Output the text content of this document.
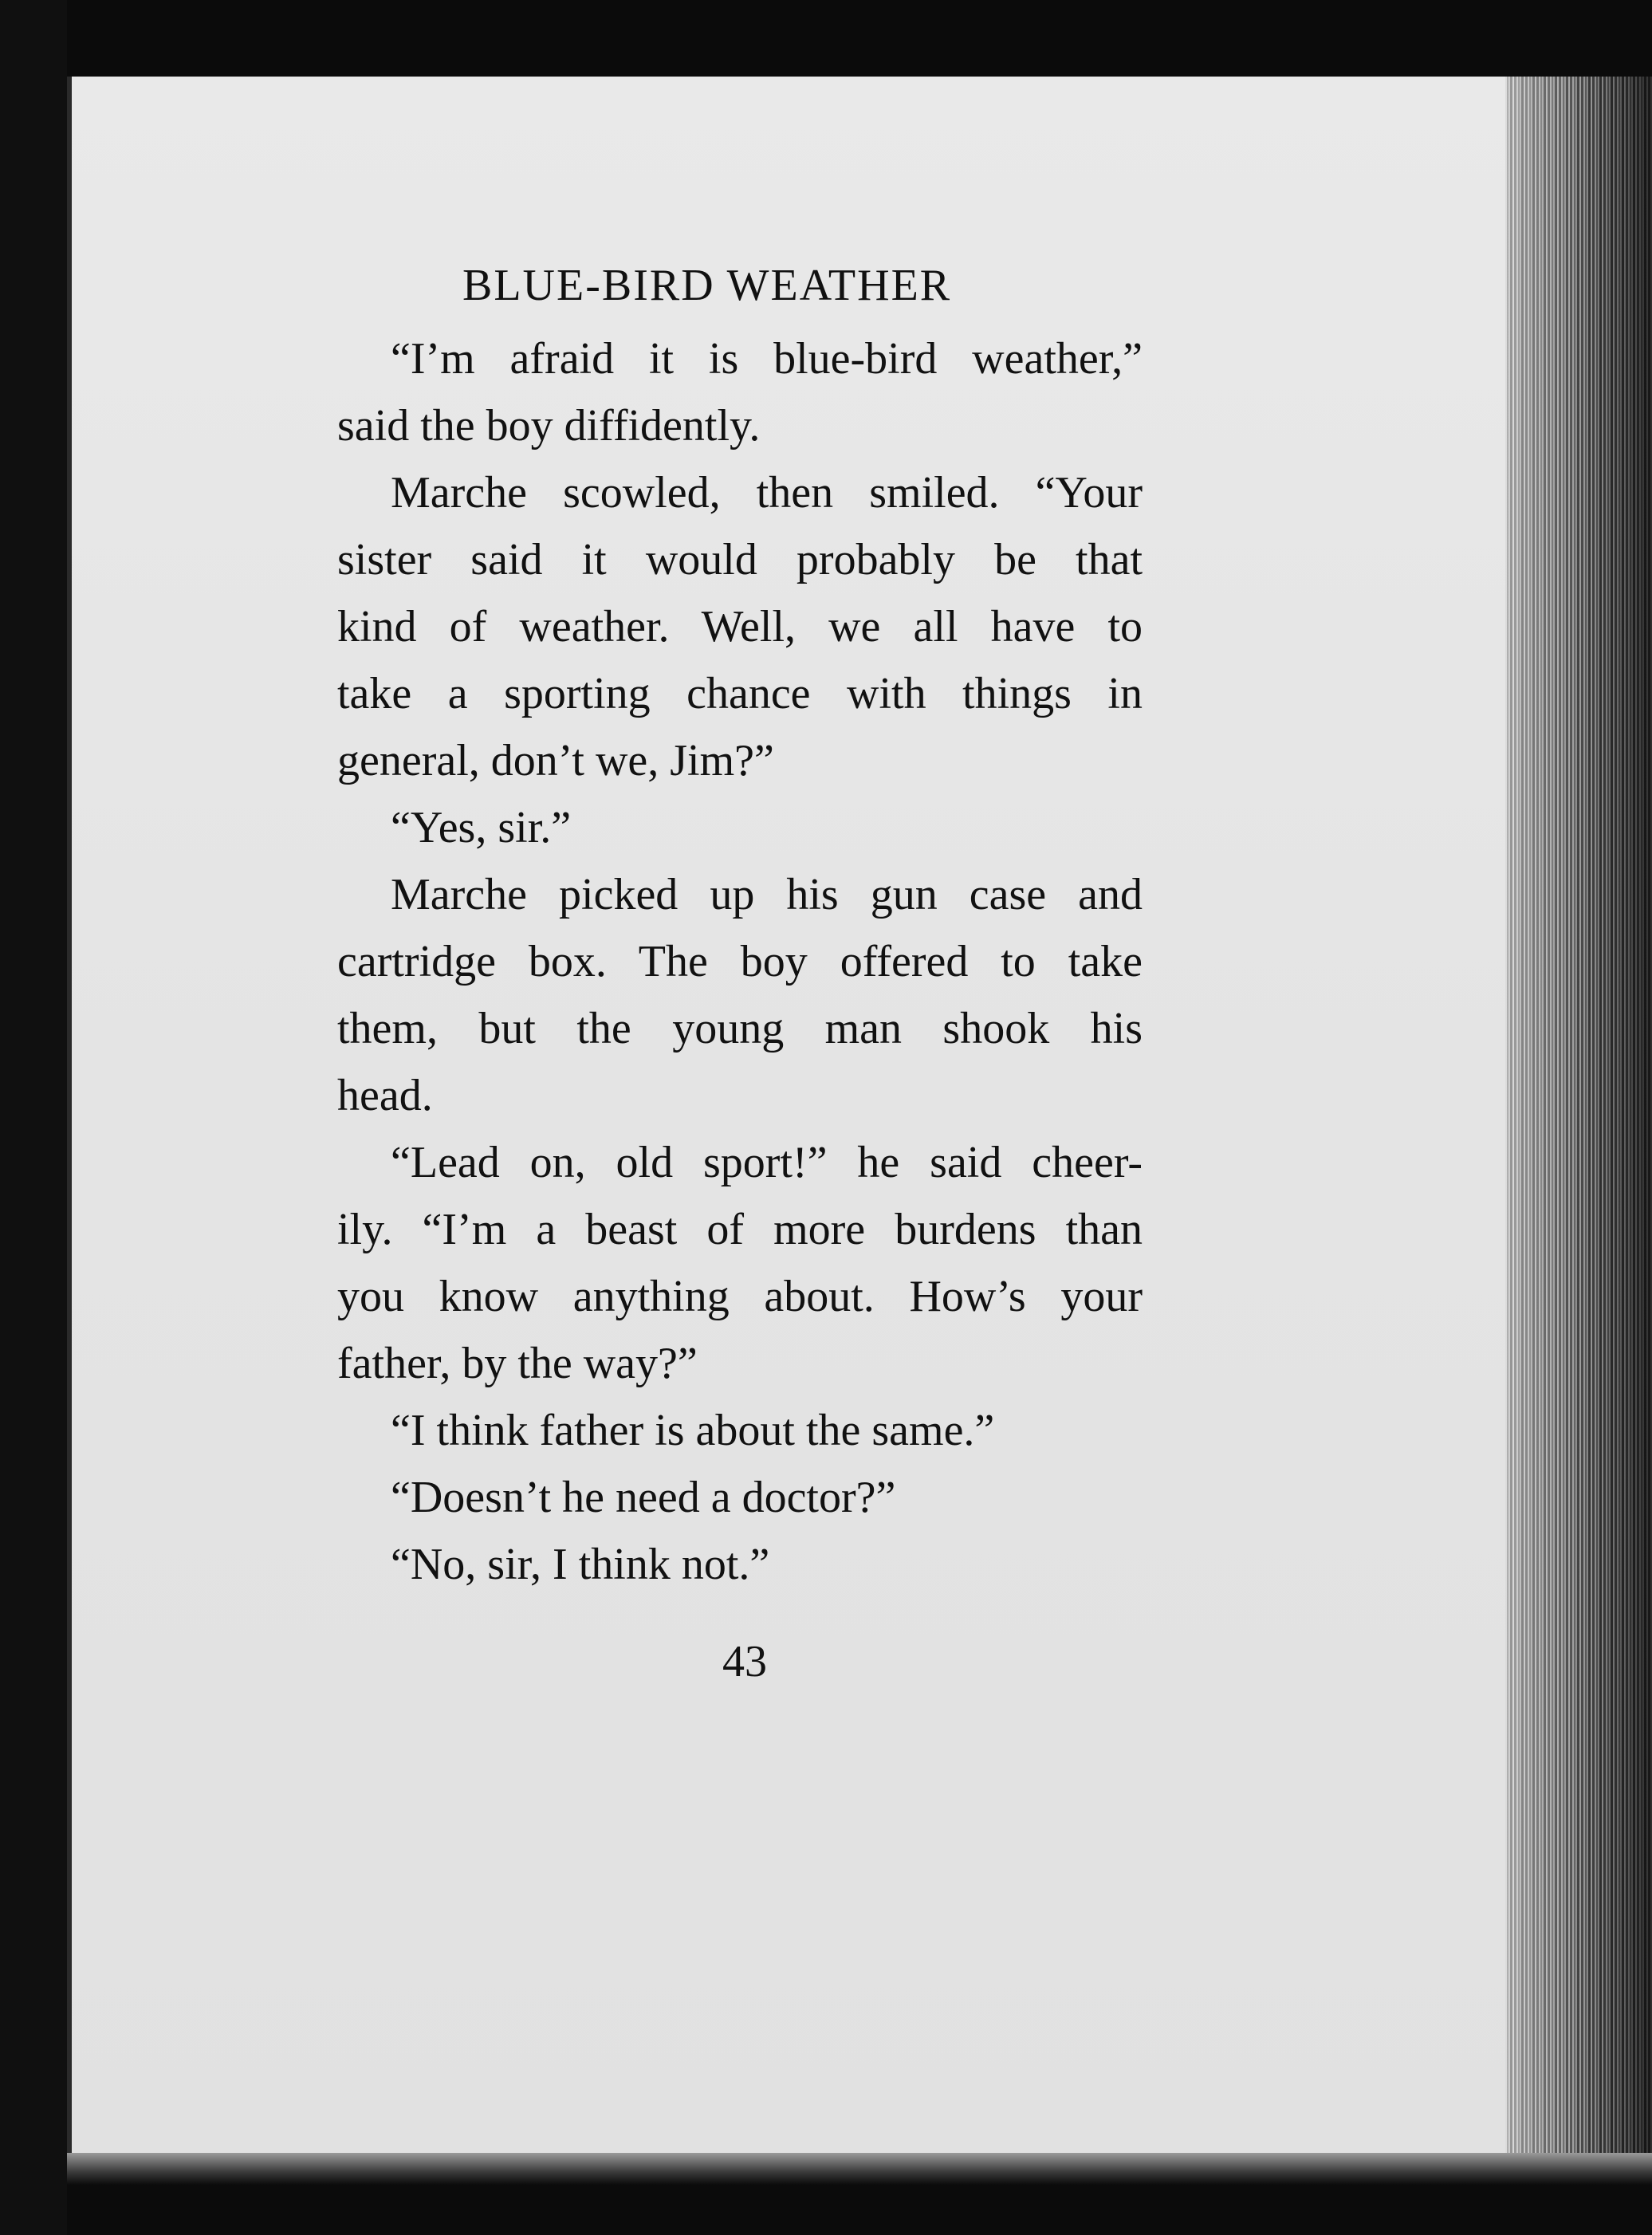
BLUE-BIRD WEATHER

“I’m afraid it is blue-bird weather,”

said the boy diffidently.

Marche scowled, then smiled. “Your

sister said it would probably be that

kind of weather. Well, we all have to

take a sporting chance with things in

general, don’t we, Jim?”

“Yes, sir.”

Marche picked up his gun case and

cartridge box. The boy offered to take

them, but the young man shook his

head.

“Lead on, old sport!” he said cheer-

ily. “I’m a beast of more burdens than

you know anything about. How’s your

father, by the way?”

“I think father is about the same.”

“Doesn’t he need a doctor?”

“No, sir, I think not.”

43
